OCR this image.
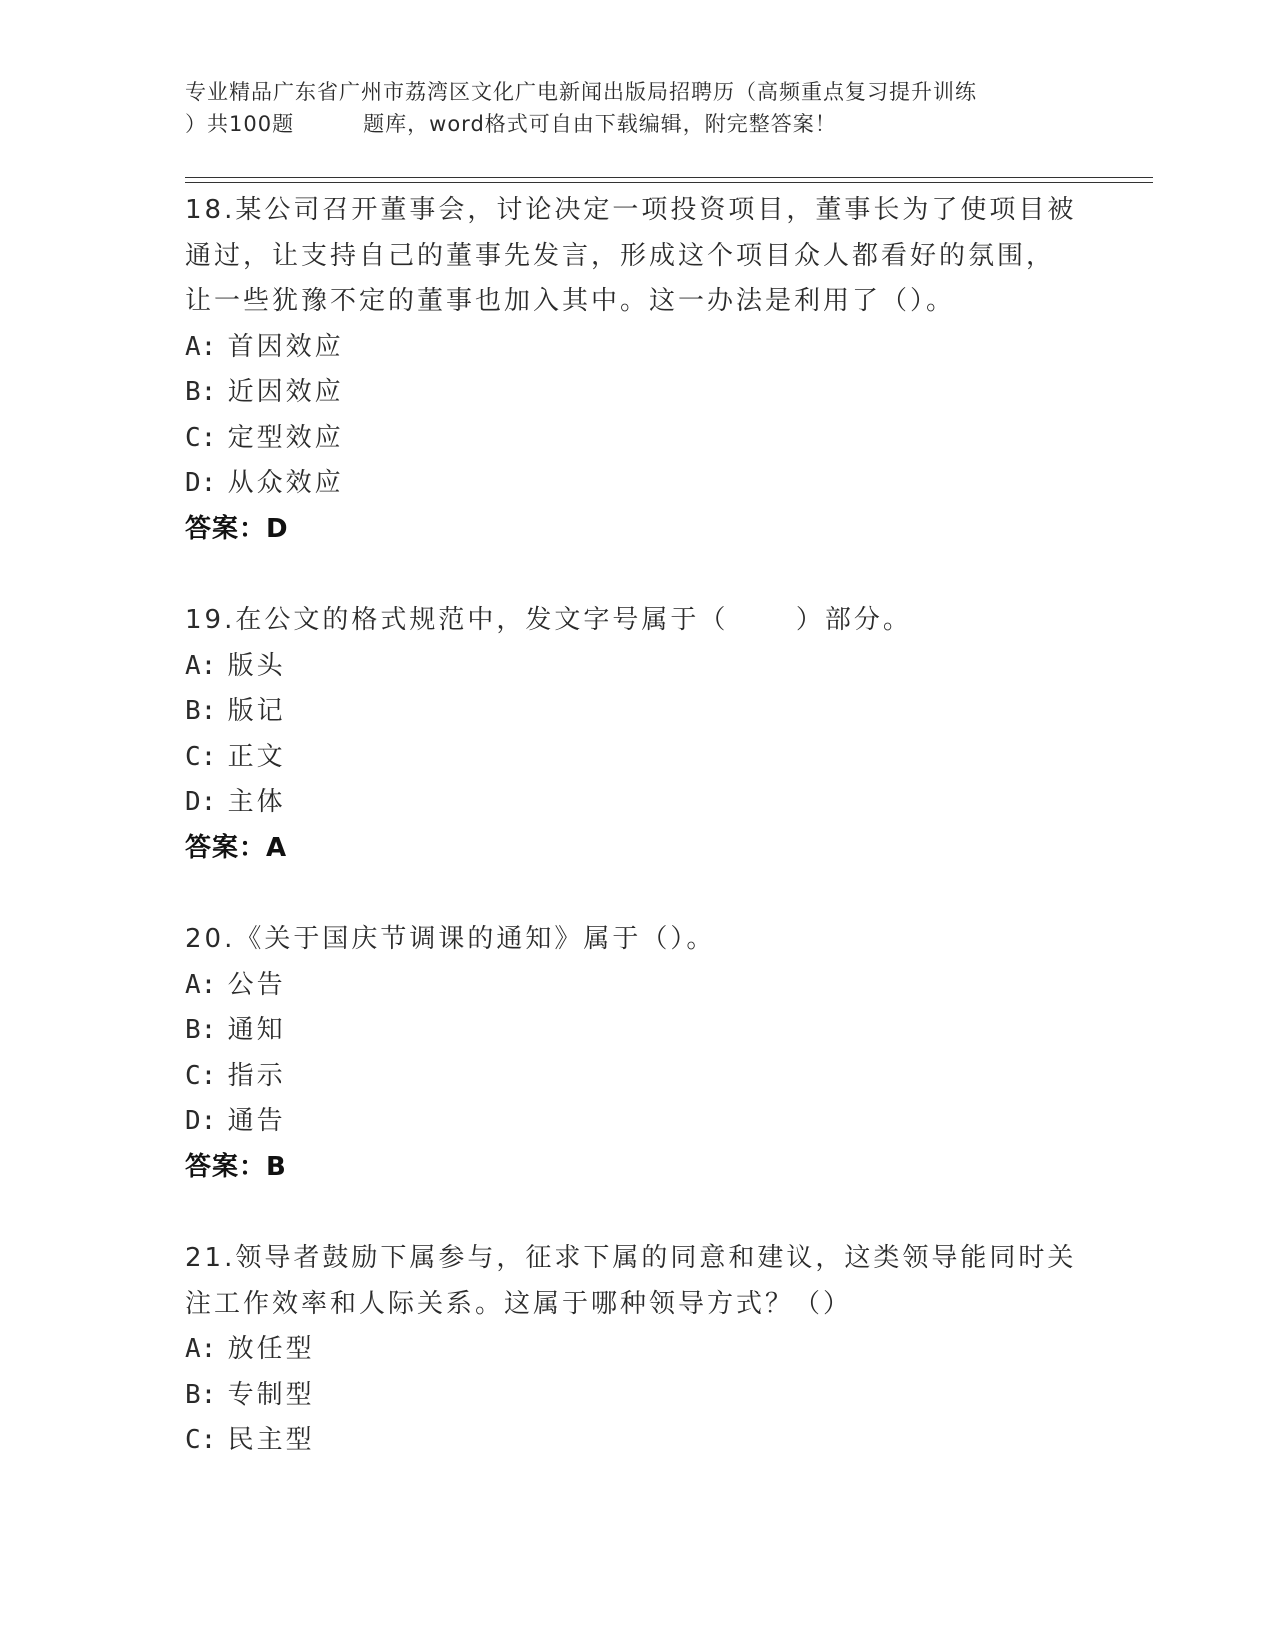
专业精品广东省广州市荔湾区文化广电新闻出版局招聘历（高频重点复习提升训练
）共100题         题库，word格式可自由下载编辑，附完整答案！
18.某公司召开董事会，讨论决定一项投资项目，董事长为了使项目被
通过，让支持自己的董事先发言，形成这个项目众人都看好的氛围，
让一些犹豫不定的董事也加入其中。这一办法是利用了（）。
A: 首因效应
B: 近因效应
C: 定型效应
D: 从众效应
答案：D
19.在公文的格式规范中，发文字号属于（      ）部分。
A: 版头
B: 版记
C: 正文
D: 主体
答案：A
20.《关于国庆节调课的通知》属于（）。
A: 公告
B: 通知
C: 指示
D: 通告
答案：B
21.领导者鼓励下属参与，征求下属的同意和建议，这类领导能同时关
注工作效率和人际关系。这属于哪种领导方式？（）
A: 放任型
B: 专制型
C: 民主型
